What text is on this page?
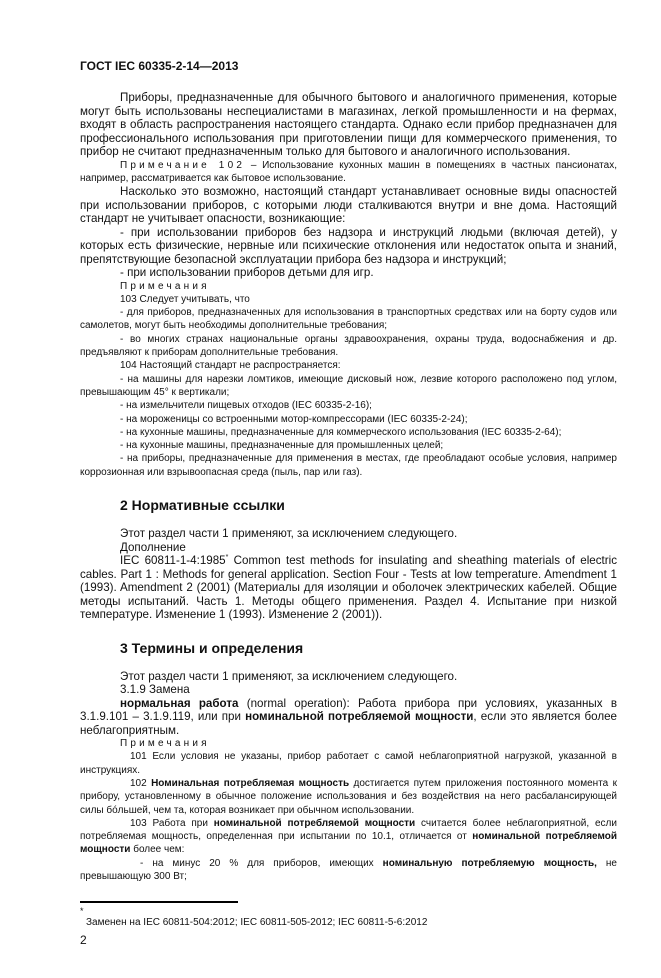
ГОСТ IEC 60335-2-14—2013

Приборы, предназначенные для обычного бытового и аналогичного применения, которые могут быть использованы неспециалистами в магазинах, легкой промышленности и на фермах, входят в область распространения настоящего стандарта. Однако если прибор предназначен для профессионального использования при приготовлении пищи для коммерческого применения, то прибор не считают предназначенным только для бытового и аналогичного использования.

Примечание 102 – Использование кухонных машин в помещениях в частных пансионатах, например, рассматривается как бытовое использование.

Насколько это возможно, настоящий стандарт устанавливает основные виды опасностей при использовании приборов, с которыми люди сталкиваются внутри и вне дома. Настоящий стандарт не учитывает опасности, возникающие:

- при использовании приборов без надзора и инструкций людьми (включая детей), у которых есть физические, нервные или психические отклонения или недостаток опыта и знаний, препятствующие безопасной эксплуатации прибора без надзора и инструкций;

- при использовании приборов детьми для игр.

Примечания

103 Следует учитывать, что

- для приборов, предназначенных для использования в транспортных средствах или на борту судов или самолетов, могут быть необходимы дополнительные требования;

- во многих странах национальные органы здравоохранения, охраны труда, водоснабжения и др. предъявляют к приборам дополнительные требования.

104 Настоящий стандарт не распространяется:

- на машины для нарезки ломтиков, имеющие дисковый нож, лезвие которого расположено под углом, превышающим 45° к вертикали;

- на измельчители пищевых отходов (IEC 60335-2-16);

- на мороженицы со встроенными мотор-компрессорами (IEC 60335-2-24);

- на кухонные машины, предназначенные для коммерческого использования (IEC 60335-2-64);

- на кухонные машины, предназначенные для промышленных целей;

- на приборы, предназначенные для применения в местах, где преобладают особые условия, например коррозионная или взрывоопасная среда (пыль, пар или газ).

2 Нормативные ссылки

Этот раздел части 1 применяют, за исключением следующего.

Дополнение

IEC 60811-1-4:1985* Common test methods for insulating and sheathing materials of electric cables. Part 1 : Methods for general application. Section Four - Tests at low temperature. Amendment 1 (1993). Amendment 2 (2001) (Материалы для изоляции и оболочек электрических кабелей. Общие методы испытаний. Часть 1. Методы общего применения. Раздел 4. Испытание при низкой температуре. Изменение 1 (1993). Изменение 2 (2001)).

3 Термины и определения

Этот раздел части 1 применяют, за исключением следующего.

3.1.9 Замена

нормальная работа (normal operation): Работа прибора при условиях, указанных в 3.1.9.101 – 3.1.9.119, или при номинальной потребляемой мощности, если это является более неблагоприятным.

Примечания

101 Если условия не указаны, прибор работает с самой неблагоприятной нагрузкой, указанной в инструкциях.

102 Номинальная потребляемая мощность достигается путем приложения постоянного момента к прибору, установленному в обычное положение использования и без воздействия на него расбалансирующей силы бóльшей, чем та, которая возникает при обычном использовании.

103 Работа при номинальной потребляемой мощности считается более неблагоприятной, если потребляемая мощность, определенная при испытании по 10.1, отличается от номинальной потребляемой мощности более чем:

- на минус 20 % для приборов, имеющих номинальную потребляемую мощность, не превышающую 300 Вт;

*
Заменен на IEC 60811-504:2012; IEC 60811-505-2012; IEC 60811-5-6:2012
2
